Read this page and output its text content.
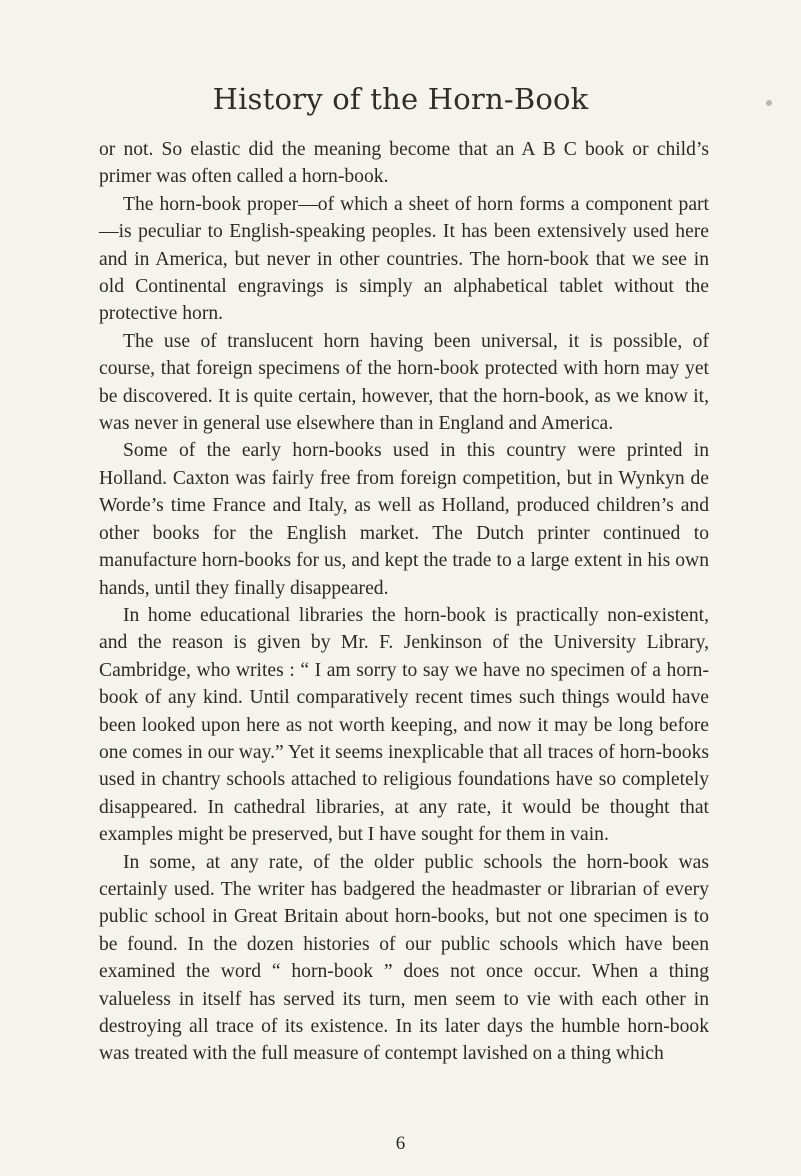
History of the Horn-Book

or not. So elastic did the meaning become that an A B C book or child’s primer was often called a horn-book.

The horn-book proper—of which a sheet of horn forms a component part—is peculiar to English-speaking peoples. It has been extensively used here and in America, but never in other countries. The horn-book that we see in old Continental engravings is simply an alphabetical tablet without the protective horn.

The use of translucent horn having been universal, it is possible, of course, that foreign specimens of the horn-book protected with horn may yet be discovered. It is quite certain, however, that the horn-book, as we know it, was never in general use elsewhere than in England and America.

Some of the early horn-books used in this country were printed in Holland. Caxton was fairly free from foreign competition, but in Wynkyn de Worde’s time France and Italy, as well as Holland, produced children’s and other books for the English market. The Dutch printer continued to manufacture horn-books for us, and kept the trade to a large extent in his own hands, until they finally disappeared.

In home educational libraries the horn-book is practically non-existent, and the reason is given by Mr. F. Jenkinson of the University Library, Cambridge, who writes : “ I am sorry to say we have no specimen of a horn-book of any kind. Until comparatively recent times such things would have been looked upon here as not worth keeping, and now it may be long before one comes in our way.” Yet it seems inexplicable that all traces of horn-books used in chantry schools attached to religious foundations have so completely disappeared. In cathedral libraries, at any rate, it would be thought that examples might be preserved, but I have sought for them in vain.

In some, at any rate, of the older public schools the horn-book was certainly used. The writer has badgered the headmaster or librarian of every public school in Great Britain about horn-books, but not one specimen is to be found. In the dozen histories of our public schools which have been examined the word “ horn-book ” does not once occur. When a thing valueless in itself has served its turn, men seem to vie with each other in destroying all trace of its existence. In its later days the humble horn-book was treated with the full measure of contempt lavished on a thing which

6
